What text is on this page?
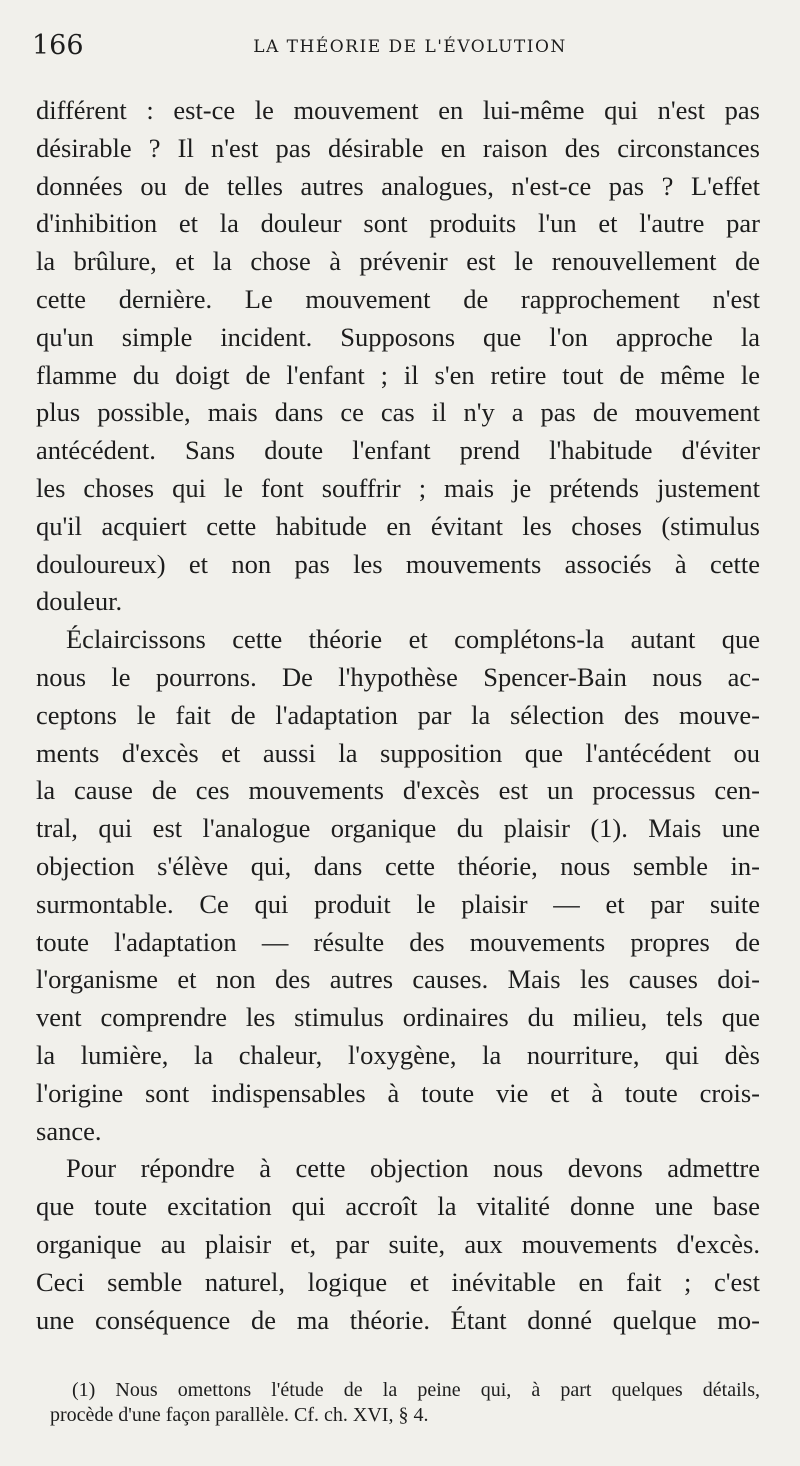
166	LA THÉORIE DE L'ÉVOLUTION
différent : est-ce le mouvement en lui-même qui n'est pas
désirable ? Il n'est pas désirable en raison des circonstances
données ou de telles autres analogues, n'est-ce pas ? L'effet
d'inhibition et la douleur sont produits l'un et l'autre par
la brûlure, et la chose à prévenir est le renouvellement de
cette dernière. Le mouvement de rapprochement n'est
qu'un simple incident. Supposons que l'on approche la
flamme du doigt de l'enfant ; il s'en retire tout de même le
plus possible, mais dans ce cas il n'y a pas de mouvement
antécédent. Sans doute l'enfant prend l'habitude d'éviter
les choses qui le font souffrir ; mais je prétends justement
qu'il acquiert cette habitude en évitant les choses (stimulus
douloureux) et non pas les mouvements associés à cette
douleur.
Éclaircissons cette théorie et complétons-la autant que
nous le pourrons. De l'hypothèse Spencer-Bain nous ac-
ceptons le fait de l'adaptation par la sélection des mouve-
ments d'excès et aussi la supposition que l'antécédent ou
la cause de ces mouvements d'excès est un processus cen-
tral, qui est l'analogue organique du plaisir (1). Mais une
objection s'élève qui, dans cette théorie, nous semble in-
surmontable. Ce qui produit le plaisir — et par suite
toute l'adaptation — résulte des mouvements propres de
l'organisme et non des autres causes. Mais les causes doi-
vent comprendre les stimulus ordinaires du milieu, tels que
la lumière, la chaleur, l'oxygène, la nourriture, qui dès
l'origine sont indispensables à toute vie et à toute crois-
sance.
Pour répondre à cette objection nous devons admettre
que toute excitation qui accroît la vitalité donne une base
organique au plaisir et, par suite, aux mouvements d'excès.
Ceci semble naturel, logique et inévitable en fait ; c'est
une conséquence de ma théorie. Étant donné quelque mo-
(1) Nous omettons l'étude de la peine qui, à part quelques détails,
procède d'une façon parallèle. Cf. ch. XVI, § 4.
